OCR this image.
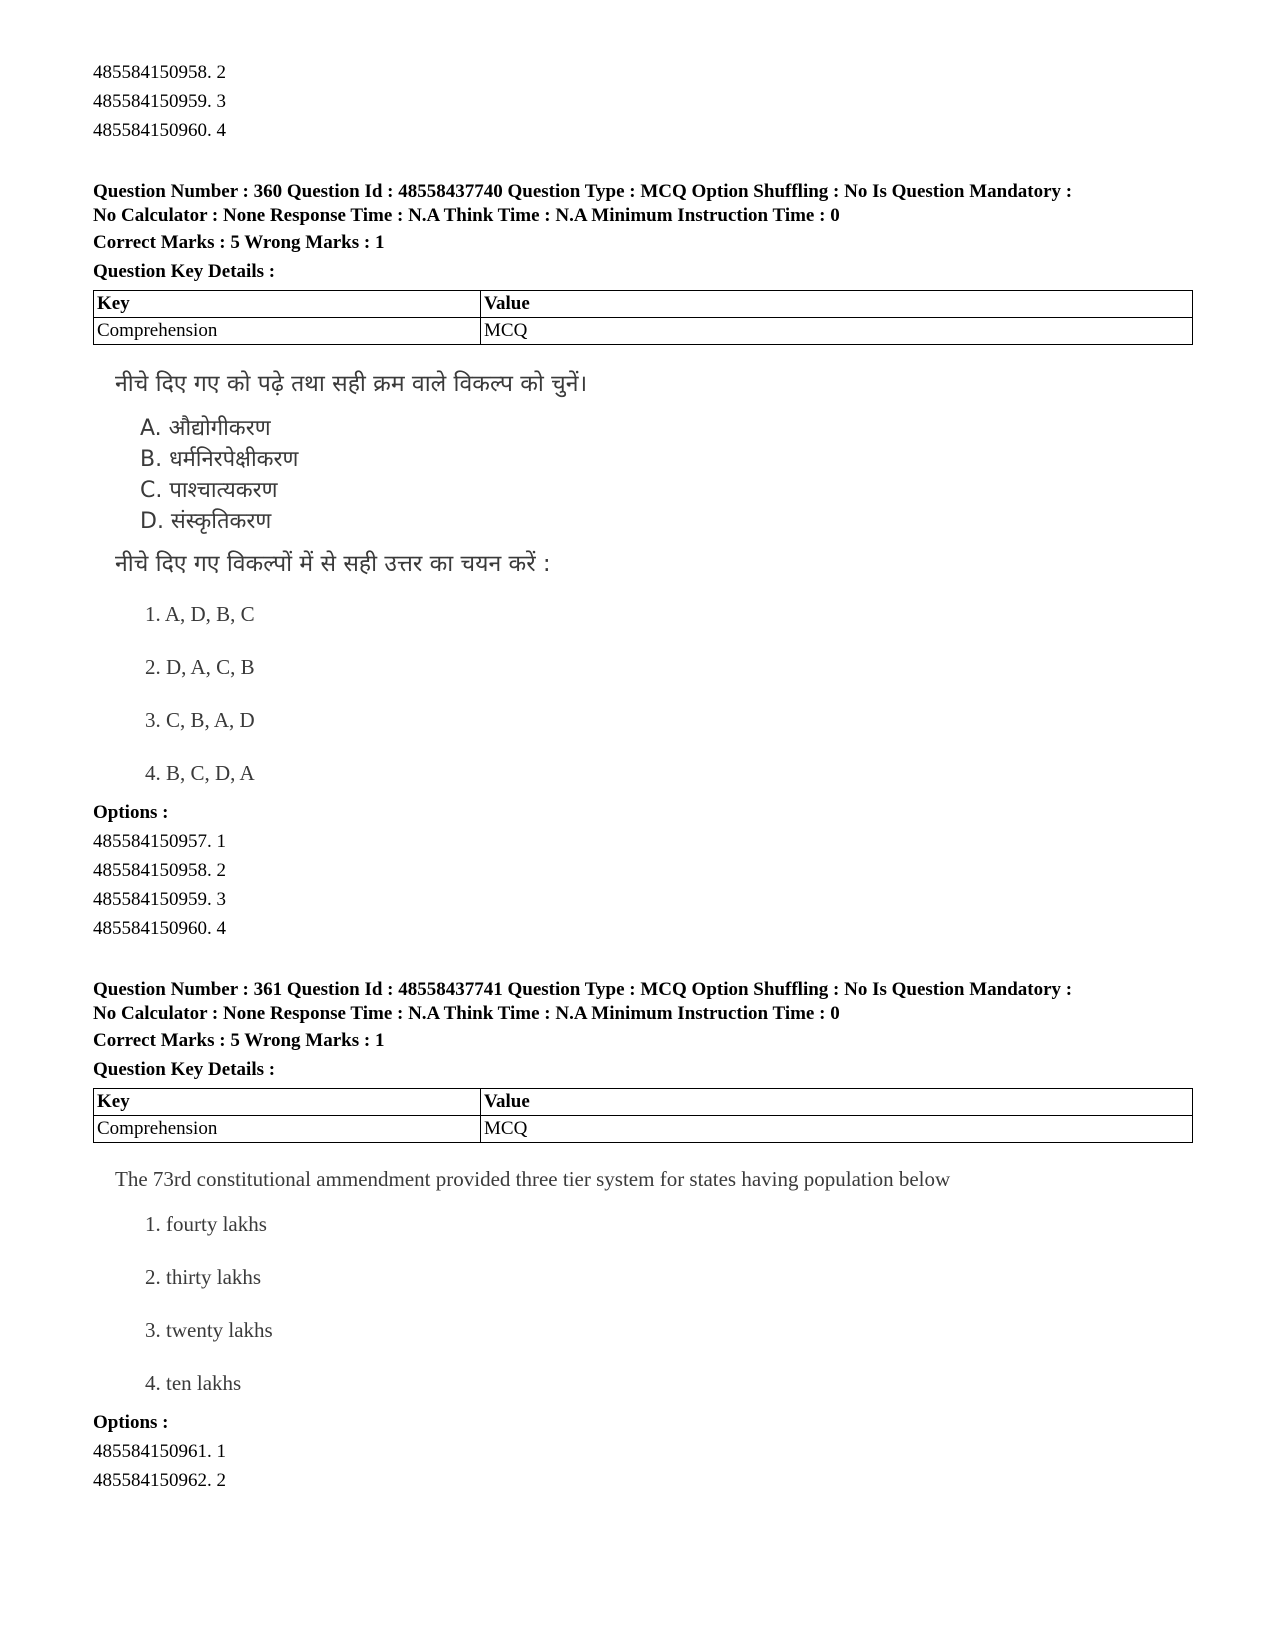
485584150958. 2
485584150959. 3
485584150960. 4
Question Number : 360 Question Id : 48558437740 Question Type : MCQ Option Shuffling : No Is Question Mandatory :
No Calculator : None Response Time : N.A Think Time : N.A Minimum Instruction Time : 0
Correct Marks : 5 Wrong Marks : 1
Question Key Details :
Key	Value
Comprehension	MCQ
नीचे दिए गए को पढ़े तथा सही क्रम वाले विकल्प को चुनें।
A. औद्योगीकरण
B. धर्मनिरपेक्षीकरण
C. पाश्चात्यकरण
D. संस्कृतिकरण
नीचे दिए गए विकल्पों में से सही उत्तर का चयन करें :
1. A, D, B, C
2. D, A, C, B
3. C, B, A, D
4. B, C, D, A
Options :
485584150957. 1
485584150958. 2
485584150959. 3
485584150960. 4
Question Number : 361 Question Id : 48558437741 Question Type : MCQ Option Shuffling : No Is Question Mandatory :
No Calculator : None Response Time : N.A Think Time : N.A Minimum Instruction Time : 0
Correct Marks : 5 Wrong Marks : 1
Question Key Details :
Key	Value
Comprehension	MCQ
The 73rd constitutional ammendment provided three tier system for states having population below
1. fourty lakhs
2. thirty lakhs
3. twenty lakhs
4. ten lakhs
Options :
485584150961. 1
485584150962. 2
